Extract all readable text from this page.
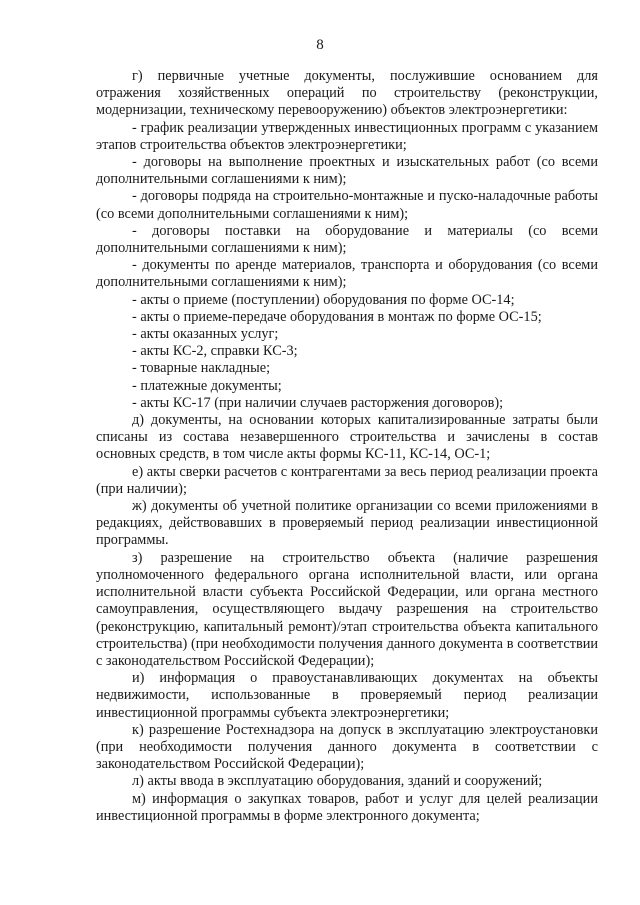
8

г) первичные учетные документы, послужившие основанием для отражения хозяйственных операций по строительству (реконструкции, модернизации, техническому перевооружению) объектов электроэнергетики:

- график реализации утвержденных инвестиционных программ с указанием этапов строительства объектов электроэнергетики;

- договоры на выполнение проектных и изыскательных работ (со всеми дополнительными соглашениями к ним);

- договоры подряда на строительно-монтажные и пуско-наладочные работы (со всеми дополнительными соглашениями к ним);

- договоры поставки на оборудование и материалы (со всеми дополнительными соглашениями к ним);

- документы по аренде материалов, транспорта и оборудования (со всеми дополнительными соглашениями к ним);

- акты о приеме (поступлении) оборудования по форме ОС-14;

- акты о приеме-передаче оборудования в монтаж по форме ОС-15;

- акты оказанных услуг;

- акты КС-2, справки КС-3;

- товарные накладные;

- платежные документы;

- акты КС-17 (при наличии случаев расторжения договоров);

д) документы, на основании которых капитализированные затраты были списаны из состава незавершенного строительства и зачислены в состав основных средств, в том числе акты формы КС-11, КС-14, ОС-1;

е) акты сверки расчетов с контрагентами за весь период реализации проекта (при наличии);

ж) документы об учетной политике организации со всеми приложениями в редакциях, действовавших в проверяемый период реализации инвестиционной программы.

з) разрешение на строительство объекта (наличие разрешения уполномоченного федерального органа исполнительной власти, или органа исполнительной власти субъекта Российской Федерации, или органа местного самоуправления, осуществляющего выдачу разрешения на строительство (реконструкцию, капитальный ремонт)/этап строительства объекта капитального строительства) (при необходимости получения данного документа в соответствии с законодательством Российской Федерации);

и) информация о правоустанавливающих документах на объекты недвижимости, использованные в проверяемый период реализации инвестиционной программы субъекта электроэнергетики;

к) разрешение Ростехнадзора на допуск в эксплуатацию электроустановки (при необходимости получения данного документа в соответствии с законодательством Российской Федерации);

л) акты ввода в эксплуатацию оборудования, зданий и сооружений;

м) информация о закупках товаров, работ и услуг для целей реализации инвестиционной программы в форме электронного документа;
